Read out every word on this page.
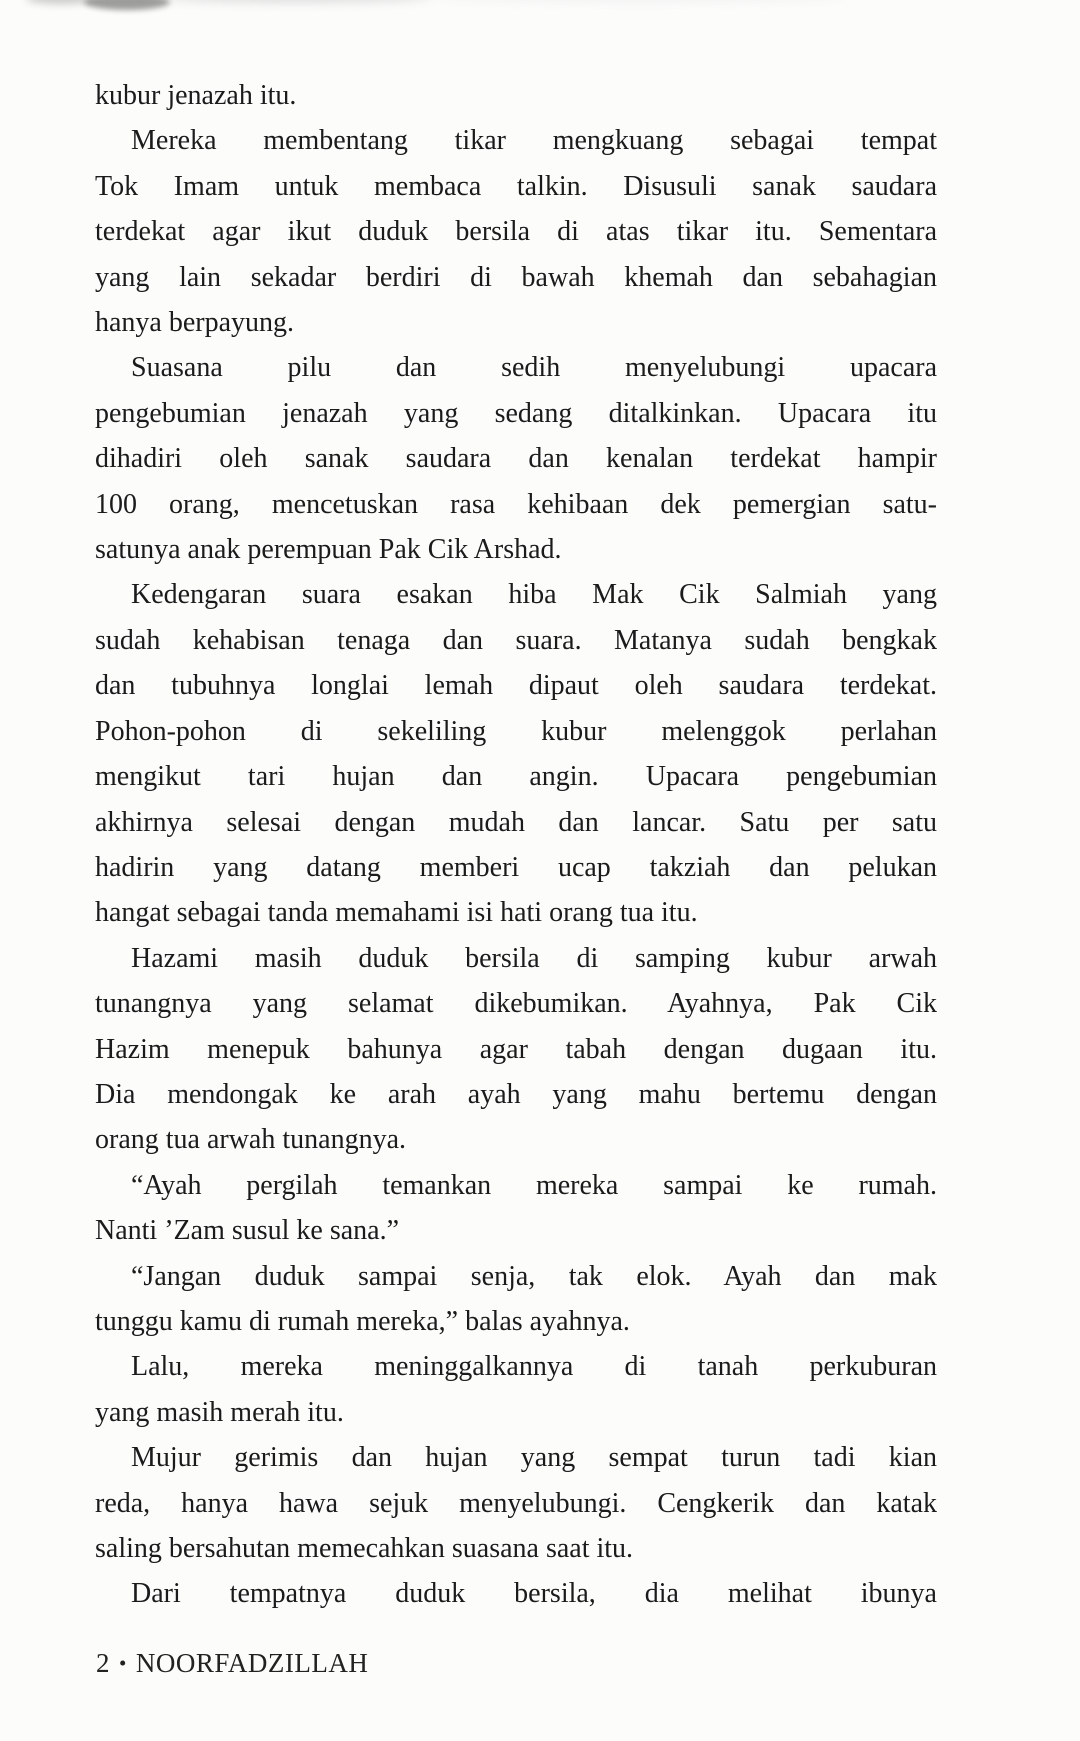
kubur jenazah itu.
Mereka membentang tikar mengkuang sebagai tempat
Tok Imam untuk membaca talkin. Disusuli sanak saudara
terdekat agar ikut duduk bersila di atas tikar itu. Sementara
yang lain sekadar berdiri di bawah khemah dan sebahagian
hanya berpayung.
Suasana pilu dan sedih menyelubungi upacara
pengebumian jenazah yang sedang ditalkinkan. Upacara itu
dihadiri oleh sanak saudara dan kenalan terdekat hampir
100 orang, mencetuskan rasa kehibaan dek pemergian satu-
satunya anak perempuan Pak Cik Arshad.
Kedengaran suara esakan hiba Mak Cik Salmiah yang
sudah kehabisan tenaga dan suara. Matanya sudah bengkak
dan tubuhnya longlai lemah dipaut oleh saudara terdekat.
Pohon-pohon di sekeliling kubur melenggok perlahan
mengikut tari hujan dan angin. Upacara pengebumian
akhirnya selesai dengan mudah dan lancar. Satu per satu
hadirin yang datang memberi ucap takziah dan pelukan
hangat sebagai tanda memahami isi hati orang tua itu.
Hazami masih duduk bersila di samping kubur arwah
tunangnya yang selamat dikebumikan. Ayahnya, Pak Cik
Hazim menepuk bahunya agar tabah dengan dugaan itu.
Dia mendongak ke arah ayah yang mahu bertemu dengan
orang tua arwah tunangnya.
“Ayah pergilah temankan mereka sampai ke rumah.
Nanti ’Zam susul ke sana.”
“Jangan duduk sampai senja, tak elok. Ayah dan mak
tunggu kamu di rumah mereka,” balas ayahnya.
Lalu, mereka meninggalkannya di tanah perkuburan
yang masih merah itu.
Mujur gerimis dan hujan yang sempat turun tadi kian
reda, hanya hawa sejuk menyelubungi. Cengkerik dan katak
saling bersahutan memecahkan suasana saat itu.
Dari tempatnya duduk bersila, dia melihat ibunya
2 • NOORFADZILLAH
